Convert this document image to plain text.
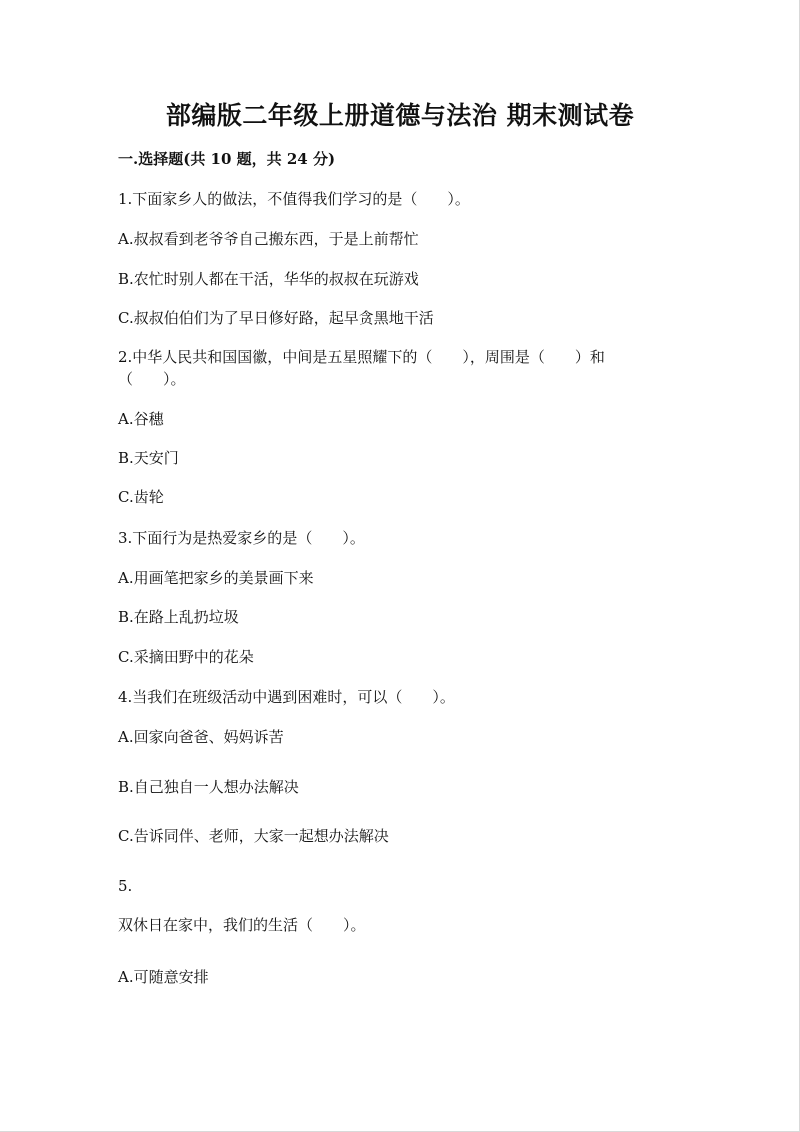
部编版二年级上册道德与法治 期末测试卷
一.选择题(共 10 题，共 24 分)
1.下面家乡人的做法，不值得我们学习的是（　　）。
A.叔叔看到老爷爷自己搬东西，于是上前帮忙
B.农忙时别人都在干活，华华的叔叔在玩游戏
C.叔叔伯伯们为了早日修好路，起早贪黑地干活
2.中华人民共和国国徽，中间是五星照耀下的（　　），周围是（　　）和（　　）。
A.谷穗
B.天安门
C.齿轮
3.下面行为是热爱家乡的是（　　）。
A.用画笔把家乡的美景画下来
B.在路上乱扔垃圾
C.采摘田野中的花朵
4.当我们在班级活动中遇到困难时，可以（　　）。
A.回家向爸爸、妈妈诉苦
B.自己独自一人想办法解决
C.告诉同伴、老师，大家一起想办法解决
5.
双休日在家中，我们的生活（　　）。
A.可随意安排
